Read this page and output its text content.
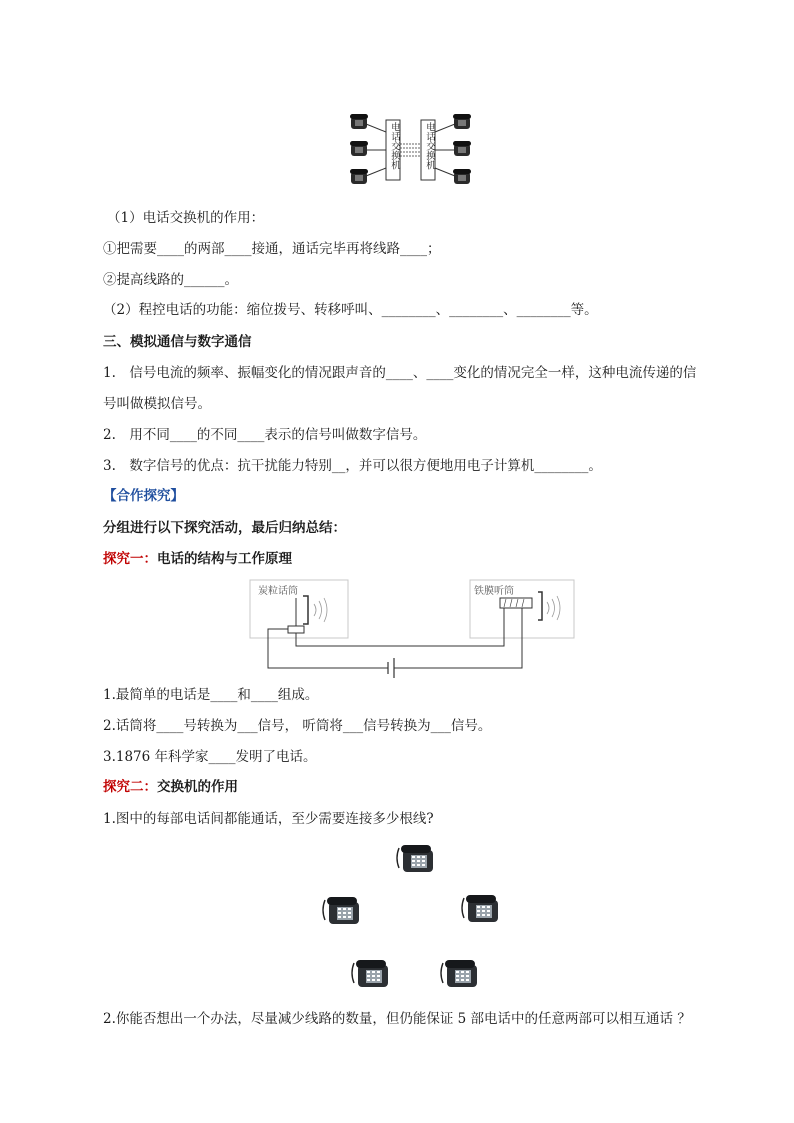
电话交换机	电话交换机
（1）电话交换机的作用：
①把需要____的两部____接通，通话完毕再将线路____；
②提高线路的______。
（2）程控电话的功能：缩位拨号、转移呼叫、________、________、________等。
三、模拟通信与数字通信
1.　信号电流的频率、振幅变化的情况跟声音的____、____变化的情况完全一样，这种电流传递的信
号叫做模拟信号。
2.　用不同____的不同____表示的信号叫做数字信号。
3.　数字信号的优点：抗干扰能力特别__，并可以很方便地用电子计算机________。
【合作探究】
分组进行以下探究活动，最后归纳总结：
探究一：电话的结构与工作原理
炭粒话筒	铁膜听筒
1.最简单的电话是____和____组成。
2.话筒将____号转换为___信号， 听筒将___信号转换为___信号。
3.1876 年科学家____发明了电话。
探究二：交换机的作用
1.图中的每部电话间都能通话，至少需要连接多少根线?
2.你能否想出一个办法，尽量减少线路的数量，但仍能保证 5 部电话中的任意两部可以相互通话 ？
